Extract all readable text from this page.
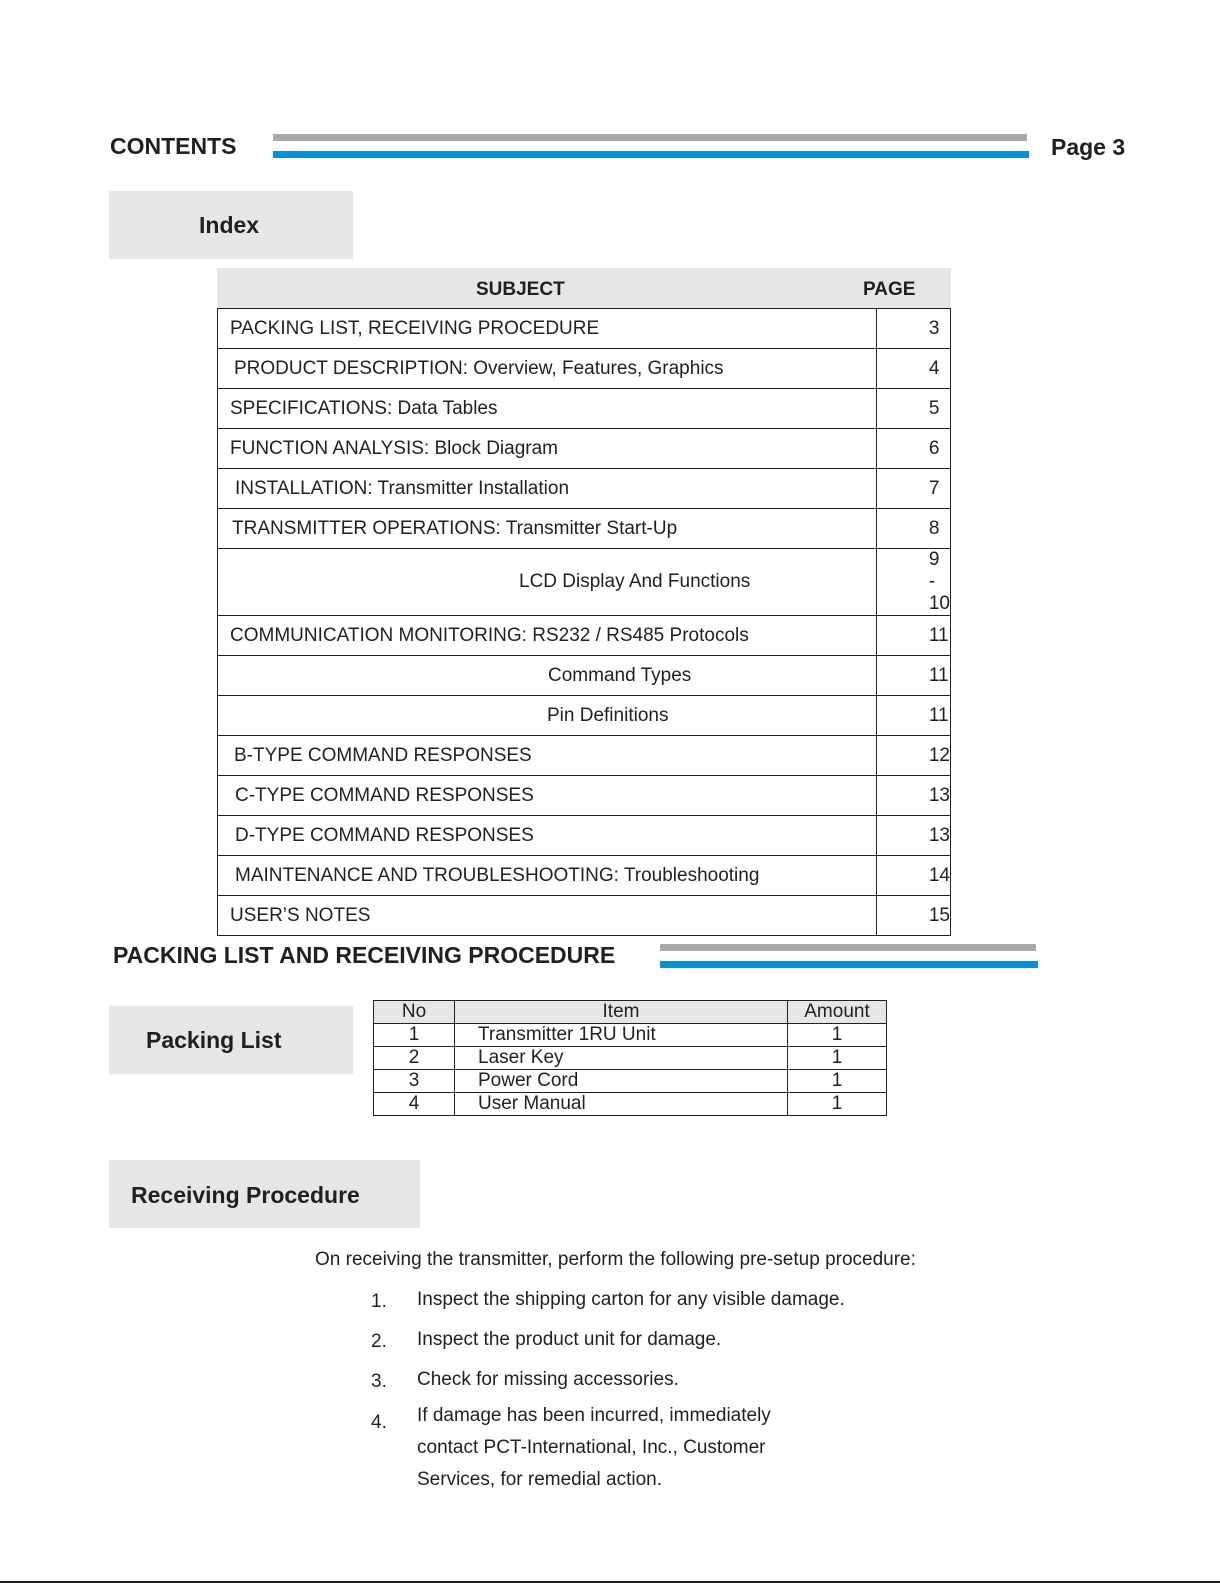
CONTENTS	Page 3
Index
SUBJECT	PAGE
PACKING LIST, RECEIVING PROCEDURE	3
PRODUCT DESCRIPTION: Overview, Features, Graphics	4
SPECIFICATIONS: Data Tables	5
FUNCTION ANALYSIS: Block Diagram	6
INSTALLATION: Transmitter Installation	7
TRANSMITTER OPERATIONS: Transmitter Start-Up	8
LCD Display And Functions	9 - 10
COMMUNICATION MONITORING: RS232 / RS485 Protocols	11
Command Types	11
Pin Definitions	11
B-TYPE COMMAND RESPONSES	12
C-TYPE COMMAND RESPONSES	13
D-TYPE COMMAND RESPONSES	13
MAINTENANCE AND TROUBLESHOOTING: Troubleshooting	14
USER’S NOTES	15
PACKING LIST AND RECEIVING PROCEDURE
Packing List
No	Item	Amount
1	Transmitter 1RU Unit	1
2	Laser Key	1
3	Power Cord	1
4	User Manual	1
Receiving Procedure
On receiving the transmitter, perform the following pre-setup procedure:
1. Inspect the shipping carton for any visible damage.
2. Inspect the product unit for damage.
3. Check for missing accessories.
4. If damage has been incurred, immediately
contact PCT-International, Inc., Customer
Services, for remedial action.
